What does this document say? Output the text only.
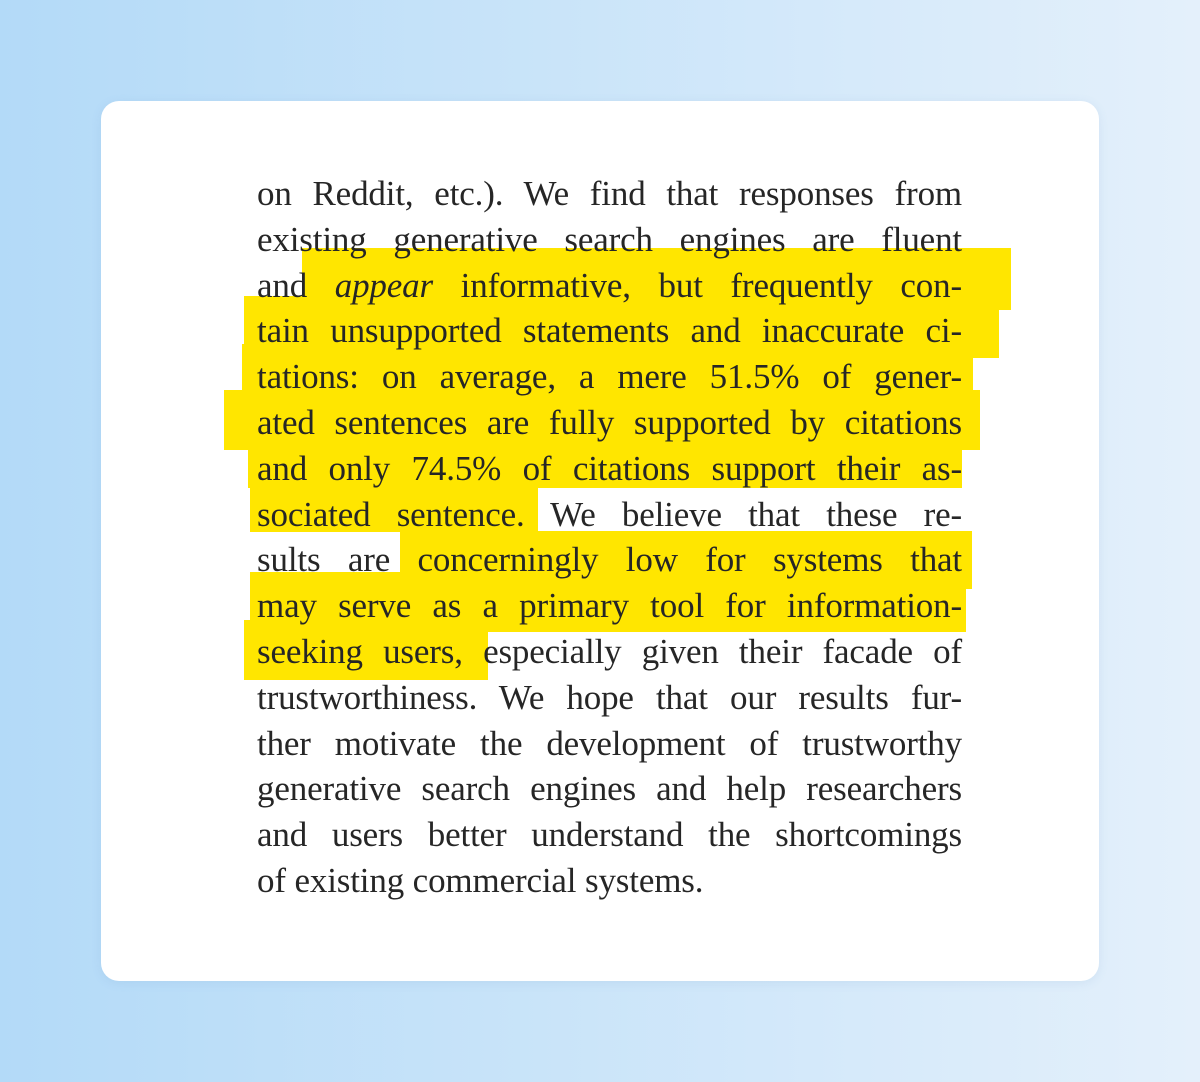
on Reddit, etc.). We find that responses from
existing generative search engines are fluent
and appear informative, but frequently con-
tain unsupported statements and inaccurate ci-
tations: on average, a mere 51.5% of gener-
ated sentences are fully supported by citations
and only 74.5% of citations support their as-
sociated sentence. We believe that these re-
sults are concerningly low for systems that
may serve as a primary tool for information-
seeking users, especially given their facade of
trustworthiness. We hope that our results fur-
ther motivate the development of trustworthy
generative search engines and help researchers
and users better understand the shortcomings
of existing commercial systems.
